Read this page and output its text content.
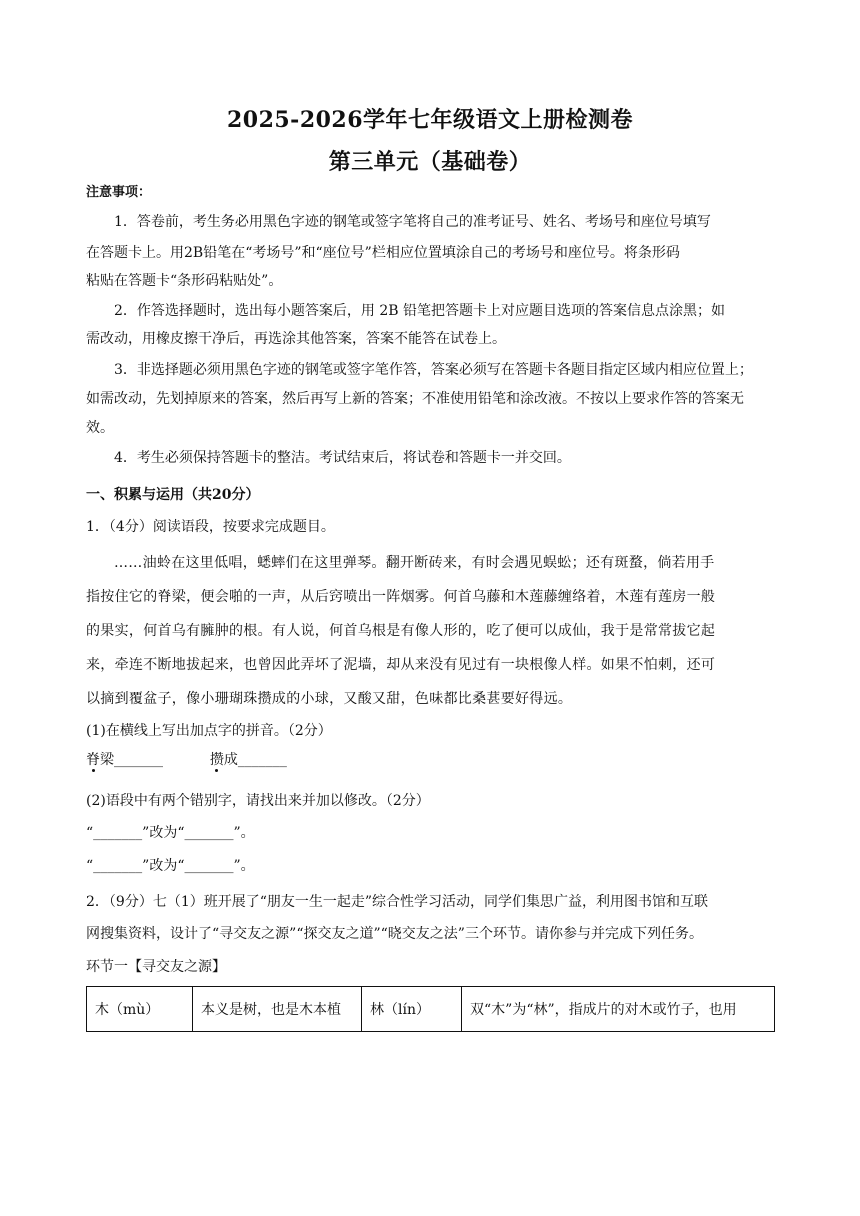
2025-2026学年七年级语文上册检测卷
第三单元（基础卷）
注意事项：
1．答卷前，考生务必用黑色字迹的钢笔或签字笔将自己的准考证号、姓名、考场号和座位号填写
在答题卡上。用2B铅笔在“考场号”和“座位号”栏相应位置填涂自己的考场号和座位号。将条形码
粘贴在答题卡“条形码粘贴处”。
2．作答选择题时，选出每小题答案后，用 2B 铅笔把答题卡上对应题目选项的答案信息点涂黑；如
需改动，用橡皮擦干净后，再选涂其他答案，答案不能答在试卷上。
3．非选择题必须用黑色字迹的钢笔或签字笔作答，答案必须写在答题卡各题目指定区域内相应位置上；
如需改动，先划掉原来的答案，然后再写上新的答案；不准使用铅笔和涂改液。不按以上要求作答的答案无
效。
4．考生必须保持答题卡的整洁。考试结束后，将试卷和答题卡一并交回。
一、积累与运用（共20分）
1．（4分）阅读语段，按要求完成题目。
……油蛉在这里低唱，蟋蟀们在这里弹琴。翻开断砖来，有时会遇见蜈蚣；还有斑蝥，倘若用手
指按住它的脊梁，便会啪的一声，从后窍喷出一阵烟雾。何首乌藤和木莲藤缠络着，木莲有莲房一般
的果实，何首乌有臃肿的根。有人说，何首乌根是有像人形的，吃了便可以成仙，我于是常常拔它起
来，牵连不断地拔起来，也曾因此弄坏了泥墙，却从来没有见过有一块根像人样。如果不怕刺，还可
以摘到覆盆子，像小珊瑚珠攒成的小球，又酸又甜，色味都比桑葚要好得远。
(1)在横线上写出加点字的拼音。（2分）
脊梁_______	攒成_______
(2)语段中有两个错别字，请找出来并加以修改。（2分）
“_______”改为“_______”。
“_______”改为“_______”。
2．（9分）七（1）班开展了“朋友一生一起走”综合性学习活动，同学们集思广益，利用图书馆和互联
网搜集资料，设计了“寻交友之源”“探交友之道”“晓交友之法”三个环节。请你参与并完成下列任务。
环节一【寻交友之源】
木（mù）	本义是树，也是木本植	林（lín）	双“木”为“林”，指成片的对木或竹子，也用
